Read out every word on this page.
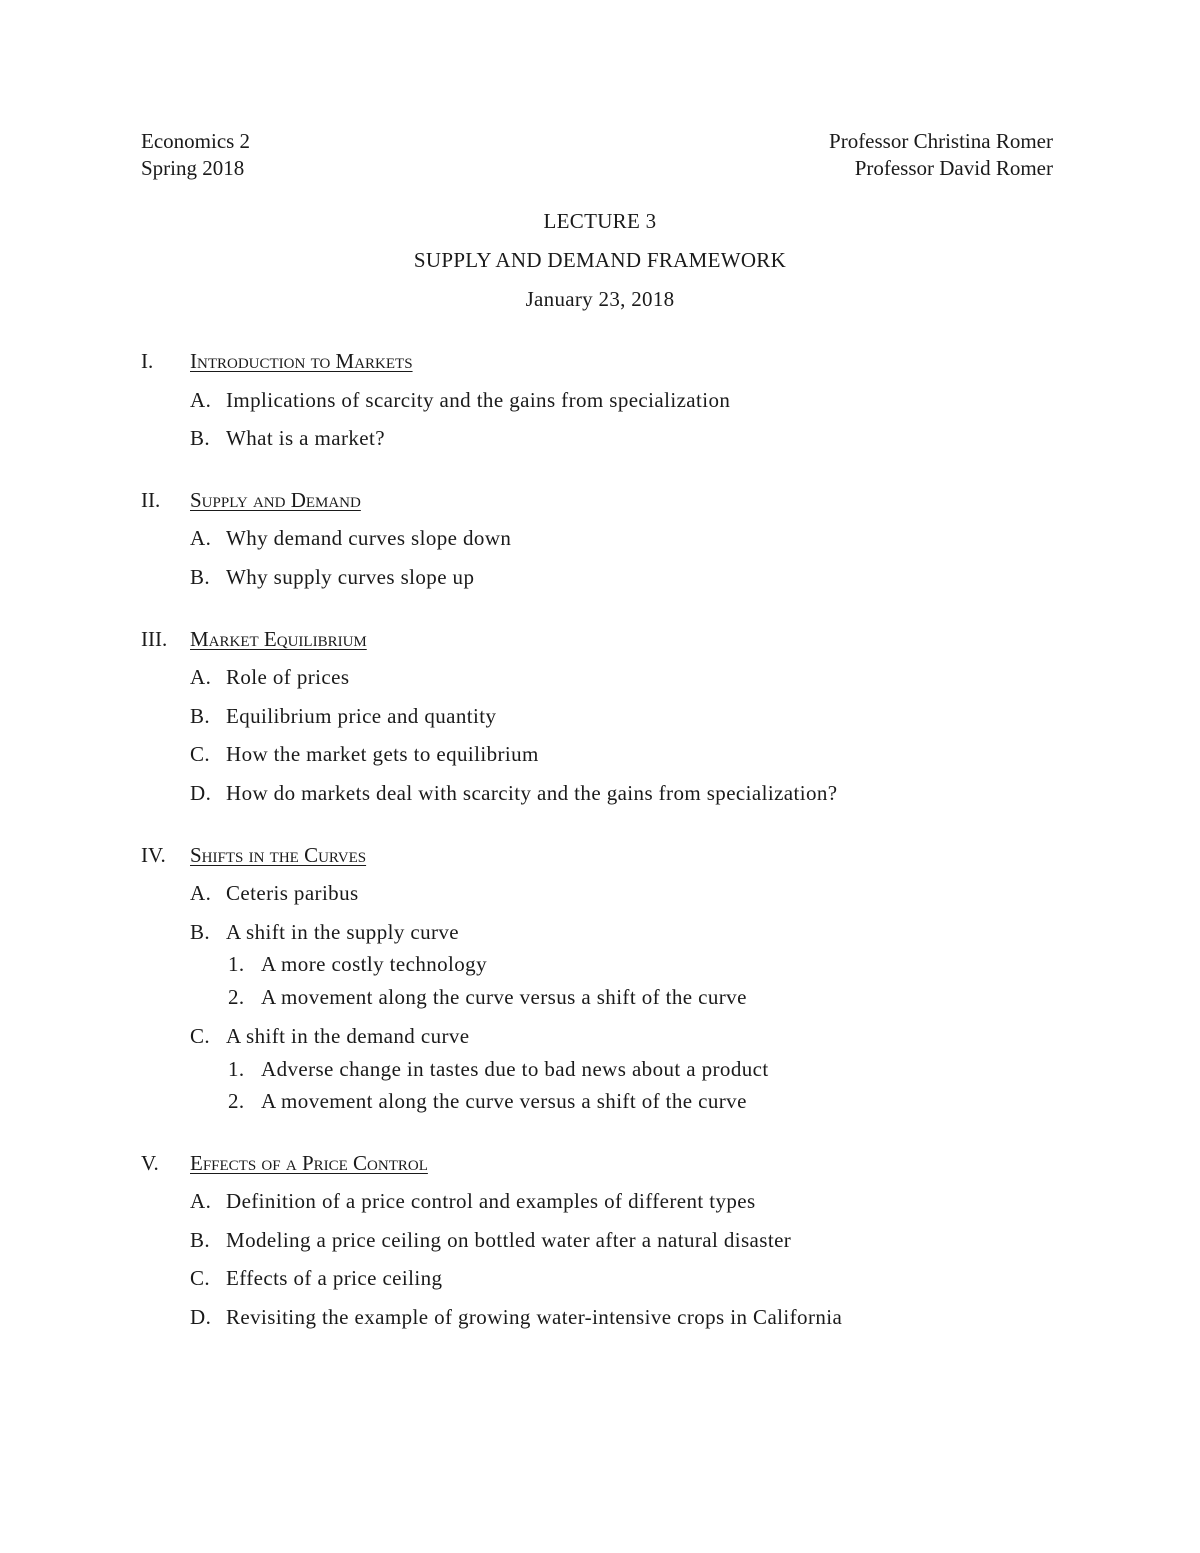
Economics 2	Professor Christina Romer
Spring 2018	Professor David Romer
LECTURE 3
SUPPLY AND DEMAND FRAMEWORK
January 23, 2018
I.	Introduction to Markets
A. Implications of scarcity and the gains from specialization
B. What is a market?
II.	Supply and Demand
A. Why demand curves slope down
B. Why supply curves slope up
III.	Market Equilibrium
A. Role of prices
B. Equilibrium price and quantity
C. How the market gets to equilibrium
D. How do markets deal with scarcity and the gains from specialization?
IV.	Shifts in the Curves
A. Ceteris paribus
B. A shift in the supply curve
1. A more costly technology
2. A movement along the curve versus a shift of the curve
C. A shift in the demand curve
1. Adverse change in tastes due to bad news about a product
2. A movement along the curve versus a shift of the curve
V.	Effects of a Price Control
A. Definition of a price control and examples of different types
B. Modeling a price ceiling on bottled water after a natural disaster
C. Effects of a price ceiling
D. Revisiting the example of growing water-intensive crops in California
